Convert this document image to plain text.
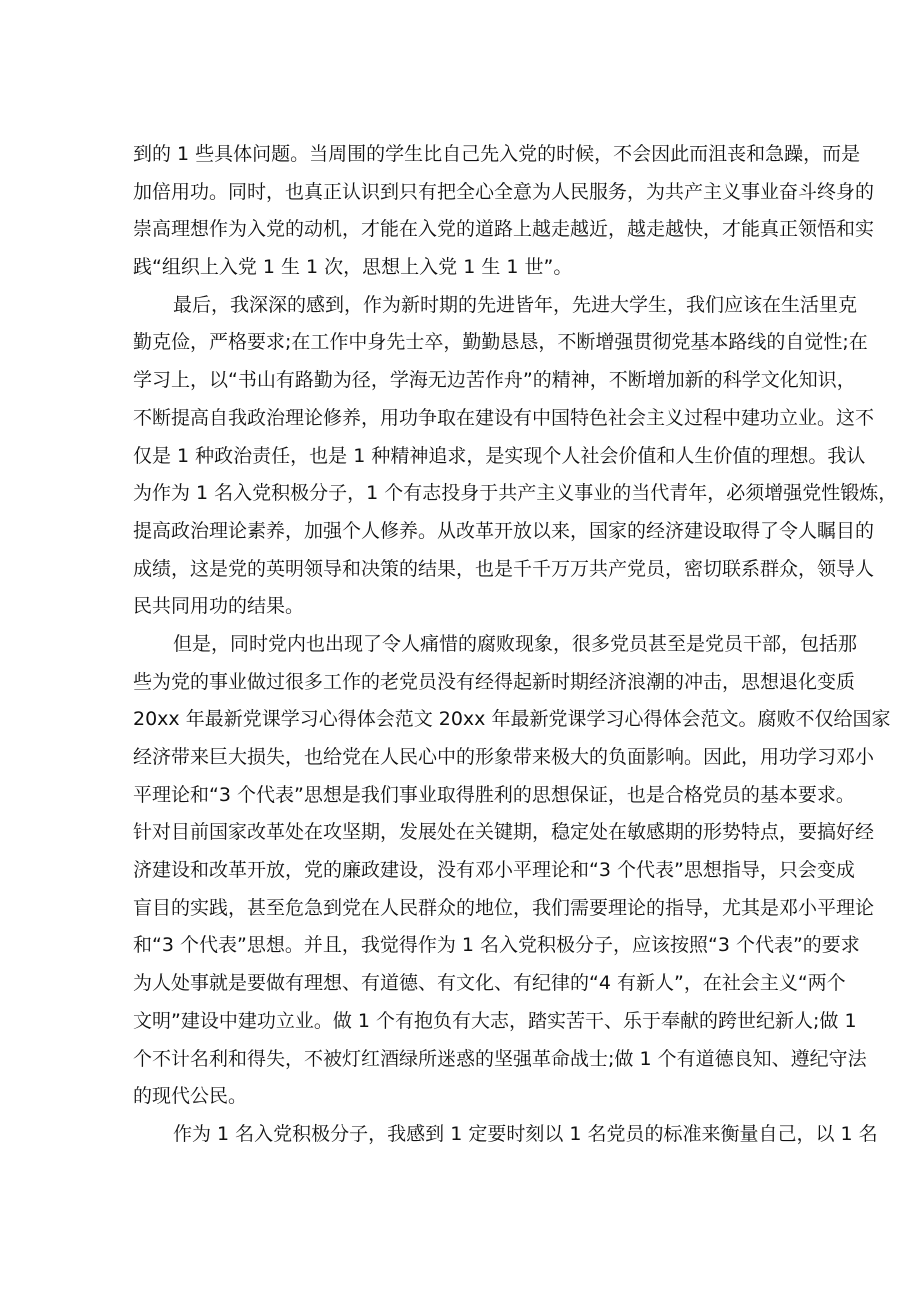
到的 1 些具体问题。当周围的学生比自己先入党的时候，不会因此而沮丧和急躁，而是
加倍用功。同时，也真正认识到只有把全心全意为人民服务，为共产主义事业奋斗终身的
崇高理想作为入党的动机，才能在入党的道路上越走越近，越走越快，才能真正领悟和实
践“组织上入党 1 生 1 次，思想上入党 1 生 1 世”。
最后，我深深的感到，作为新时期的先进皆年，先进大学生，我们应该在生活里克
勤克俭，严格要求;在工作中身先士卒，勤勤恳恳，不断增强贯彻党基本路线的自觉性;在
学习上，以“书山有路勤为径，学海无边苦作舟”的精神，不断增加新的科学文化知识，
不断提高自我政治理论修养，用功争取在建设有中国特色社会主义过程中建功立业。这不
仅是 1 种政治责任，也是 1 种精神追求，是实现个人社会价值和人生价值的理想。我认
为作为 1 名入党积极分子，1 个有志投身于共产主义事业的当代青年，必须增强党性锻炼，
提高政治理论素养，加强个人修养。从改革开放以来，国家的经济建设取得了令人瞩目的
成绩，这是党的英明领导和决策的结果，也是千千万万共产党员，密切联系群众，领导人
民共同用功的结果。
但是，同时党内也出现了令人痛惜的腐败现象，很多党员甚至是党员干部，包括那
些为党的事业做过很多工作的老党员没有经得起新时期经济浪潮的冲击，思想退化变质
20xx 年最新党课学习心得体会范文 20xx 年最新党课学习心得体会范文。腐败不仅给国家
经济带来巨大损失，也给党在人民心中的形象带来极大的负面影响。因此，用功学习邓小
平理论和“3 个代表”思想是我们事业取得胜利的思想保证，也是合格党员的基本要求。
针对目前国家改革处在攻坚期，发展处在关键期，稳定处在敏感期的形势特点，要搞好经
济建设和改革开放，党的廉政建设，没有邓小平理论和“3 个代表”思想指导，只会变成
盲目的实践，甚至危急到党在人民群众的地位，我们需要理论的指导，尤其是邓小平理论
和“3 个代表”思想。并且，我觉得作为 1 名入党积极分子，应该按照“3 个代表”的要求
为人处事就是要做有理想、有道德、有文化、有纪律的“4 有新人”，在社会主义“两个
文明”建设中建功立业。做 1 个有抱负有大志，踏实苦干、乐于奉献的跨世纪新人;做 1
个不计名利和得失，不被灯红酒绿所迷惑的坚强革命战士;做 1 个有道德良知、遵纪守法
的现代公民。
作为 1 名入党积极分子，我感到 1 定要时刻以 1 名党员的标准来衡量自己，以 1 名
